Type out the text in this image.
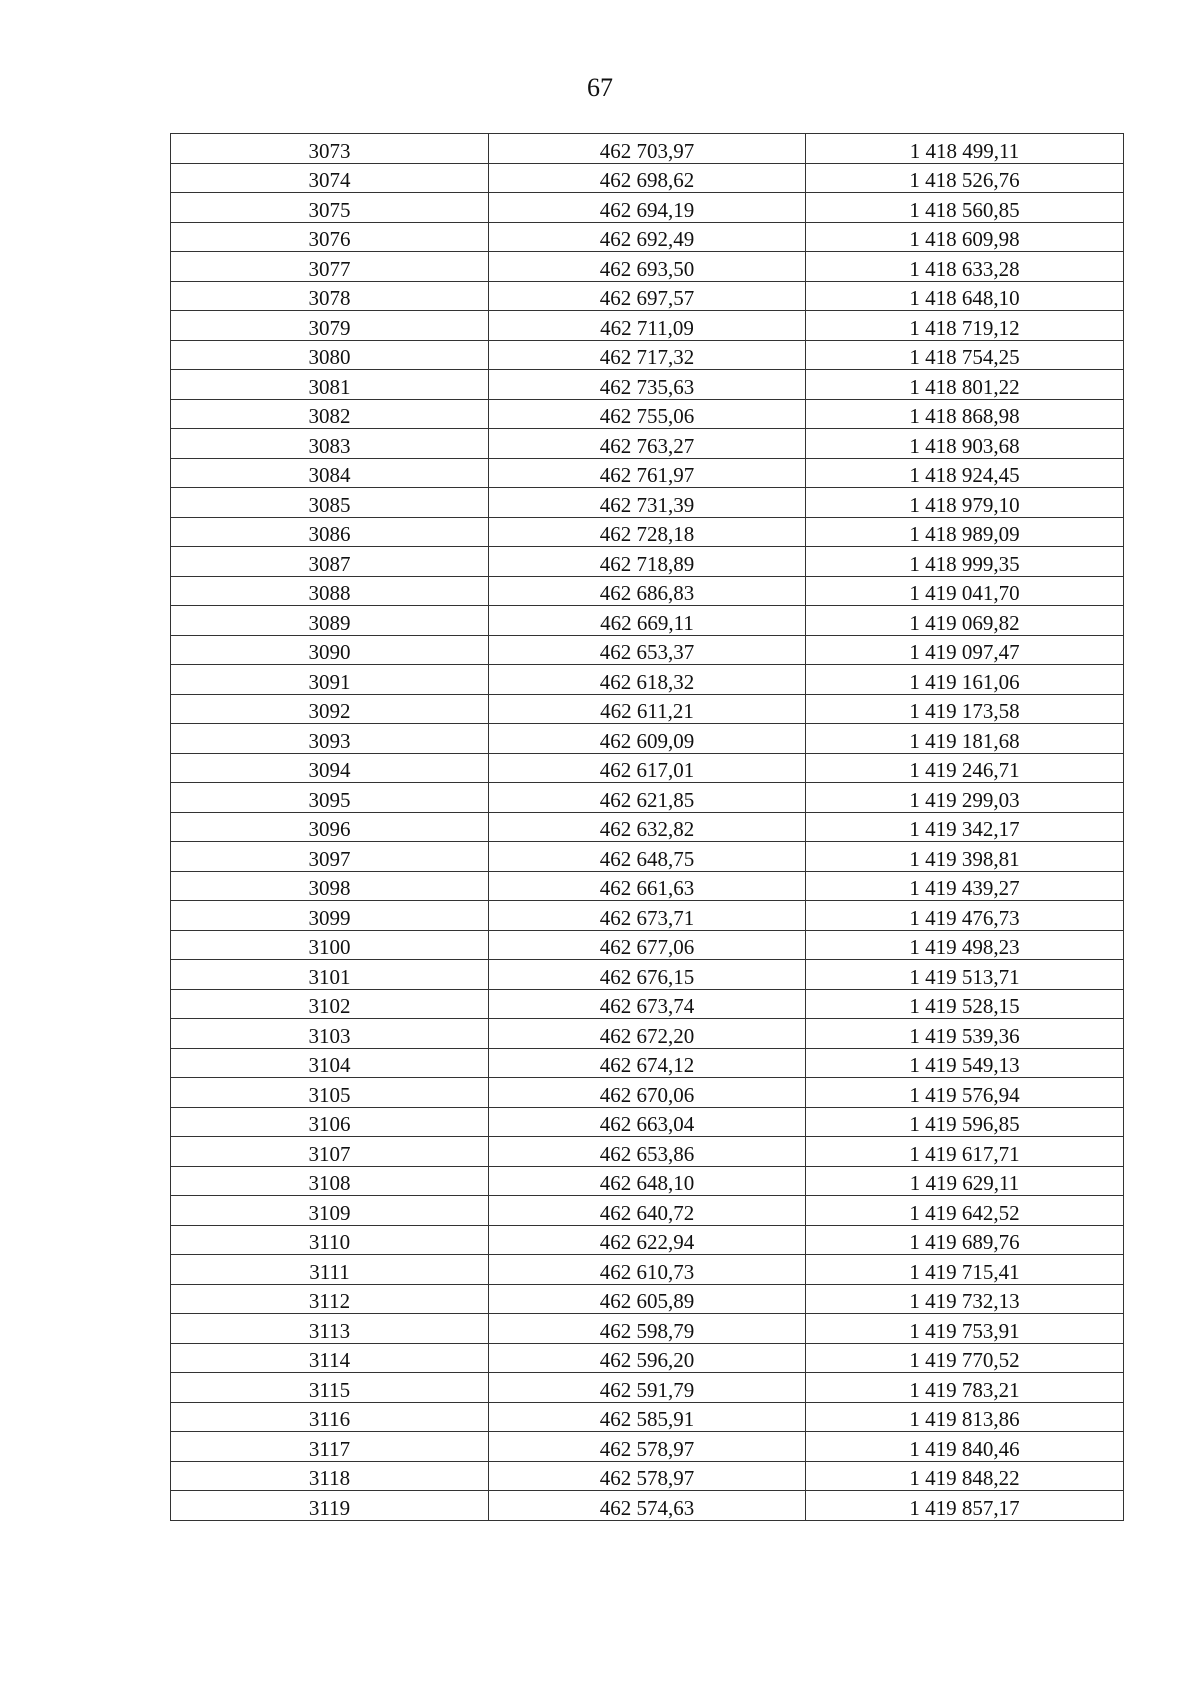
67
3073	462 703,97	1 418 499,11
3074	462 698,62	1 418 526,76
3075	462 694,19	1 418 560,85
3076	462 692,49	1 418 609,98
3077	462 693,50	1 418 633,28
3078	462 697,57	1 418 648,10
3079	462 711,09	1 418 719,12
3080	462 717,32	1 418 754,25
3081	462 735,63	1 418 801,22
3082	462 755,06	1 418 868,98
3083	462 763,27	1 418 903,68
3084	462 761,97	1 418 924,45
3085	462 731,39	1 418 979,10
3086	462 728,18	1 418 989,09
3087	462 718,89	1 418 999,35
3088	462 686,83	1 419 041,70
3089	462 669,11	1 419 069,82
3090	462 653,37	1 419 097,47
3091	462 618,32	1 419 161,06
3092	462 611,21	1 419 173,58
3093	462 609,09	1 419 181,68
3094	462 617,01	1 419 246,71
3095	462 621,85	1 419 299,03
3096	462 632,82	1 419 342,17
3097	462 648,75	1 419 398,81
3098	462 661,63	1 419 439,27
3099	462 673,71	1 419 476,73
3100	462 677,06	1 419 498,23
3101	462 676,15	1 419 513,71
3102	462 673,74	1 419 528,15
3103	462 672,20	1 419 539,36
3104	462 674,12	1 419 549,13
3105	462 670,06	1 419 576,94
3106	462 663,04	1 419 596,85
3107	462 653,86	1 419 617,71
3108	462 648,10	1 419 629,11
3109	462 640,72	1 419 642,52
3110	462 622,94	1 419 689,76
3111	462 610,73	1 419 715,41
3112	462 605,89	1 419 732,13
3113	462 598,79	1 419 753,91
3114	462 596,20	1 419 770,52
3115	462 591,79	1 419 783,21
3116	462 585,91	1 419 813,86
3117	462 578,97	1 419 840,46
3118	462 578,97	1 419 848,22
3119	462 574,63	1 419 857,17
